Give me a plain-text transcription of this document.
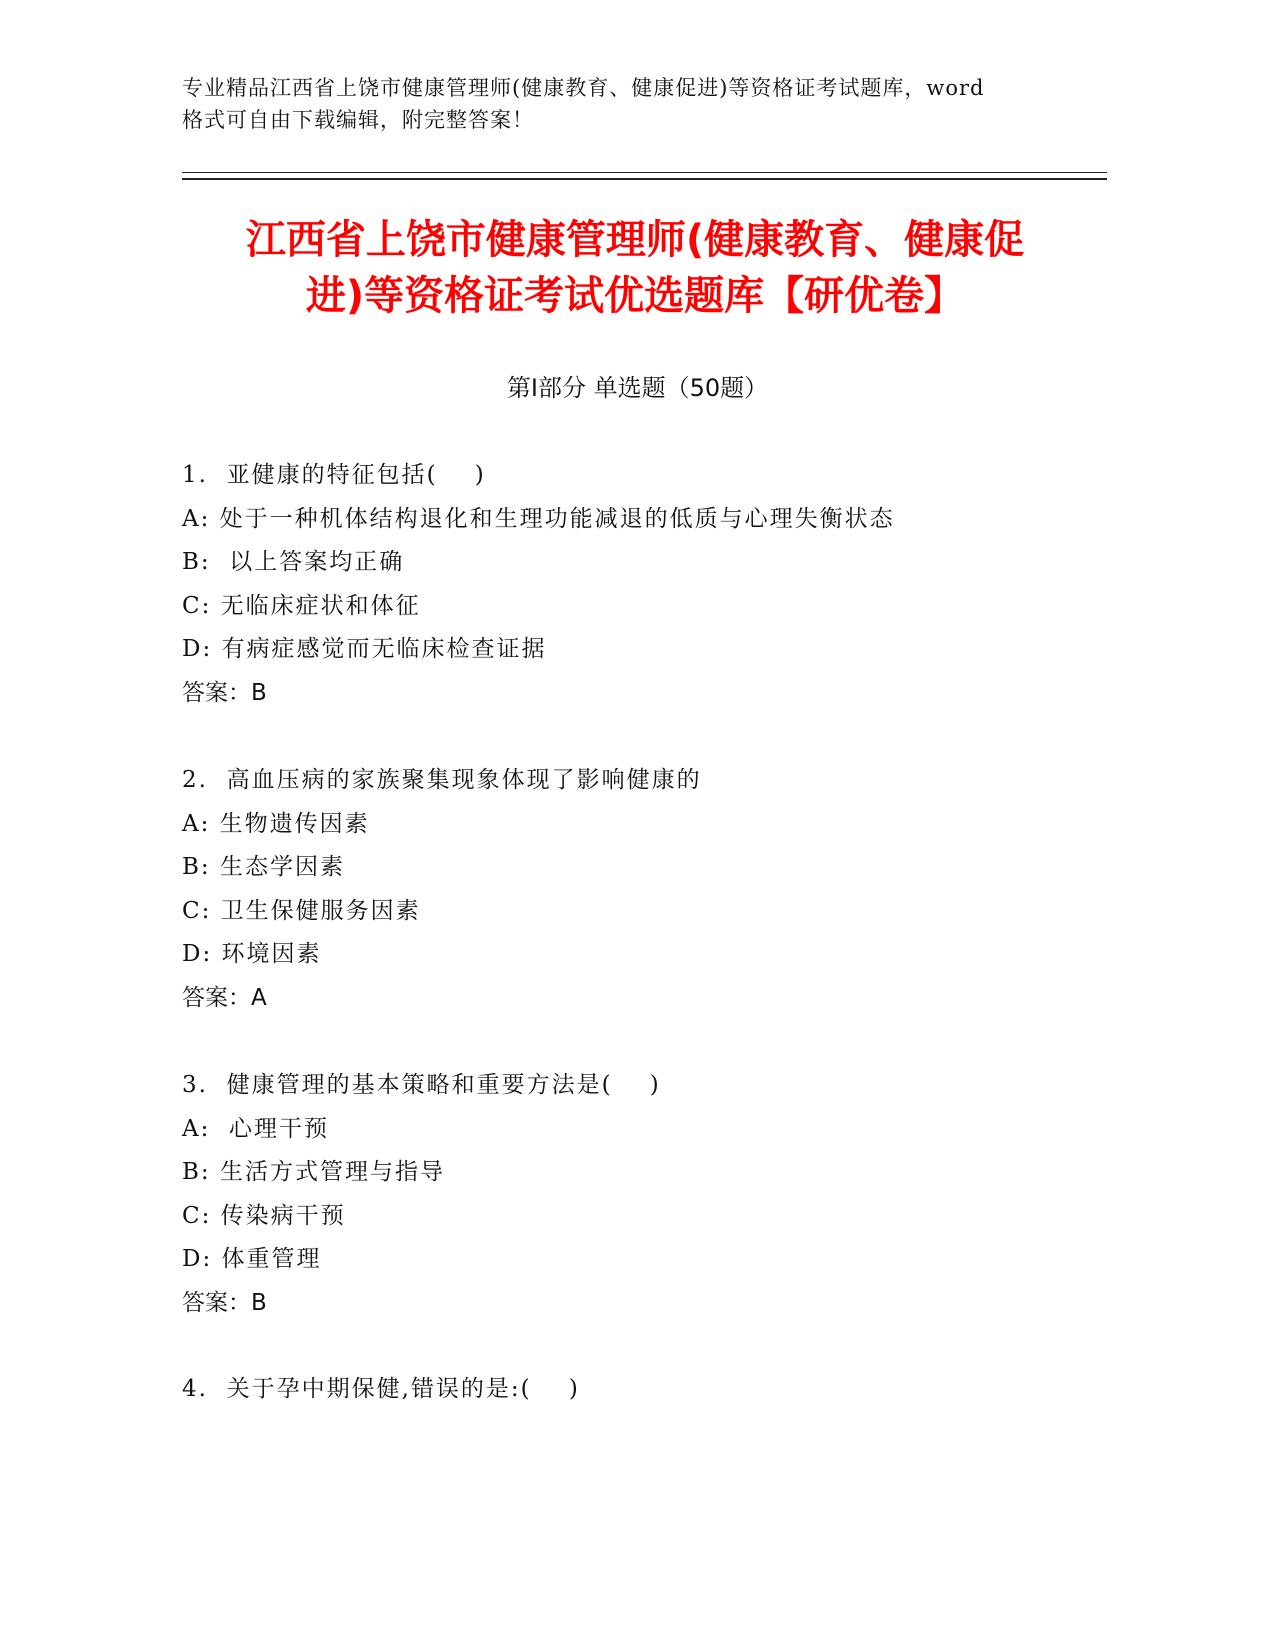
专业精品江西省上饶市健康管理师(健康教育、健康促进)等资格证考试题库，word
格式可自由下载编辑，附完整答案！
江西省上饶市健康管理师(健康教育、健康促
进)等资格证考试优选题库【研优卷】
第Ⅰ部分 单选题（50题）
1.  亚健康的特征包括(    )
A: 处于一种机体结构退化和生理功能减退的低质与心理失衡状态
B:  以上答案均正确
C: 无临床症状和体征
D: 有病症感觉而无临床检查证据
答案：B
2.  高血压病的家族聚集现象体现了影响健康的
A: 生物遗传因素
B: 生态学因素
C: 卫生保健服务因素
D: 环境因素
答案：A
3.  健康管理的基本策略和重要方法是(    )
A:  心理干预
B: 生活方式管理与指导
C: 传染病干预
D: 体重管理
答案：B
4.  关于孕中期保健,错误的是:(    )
